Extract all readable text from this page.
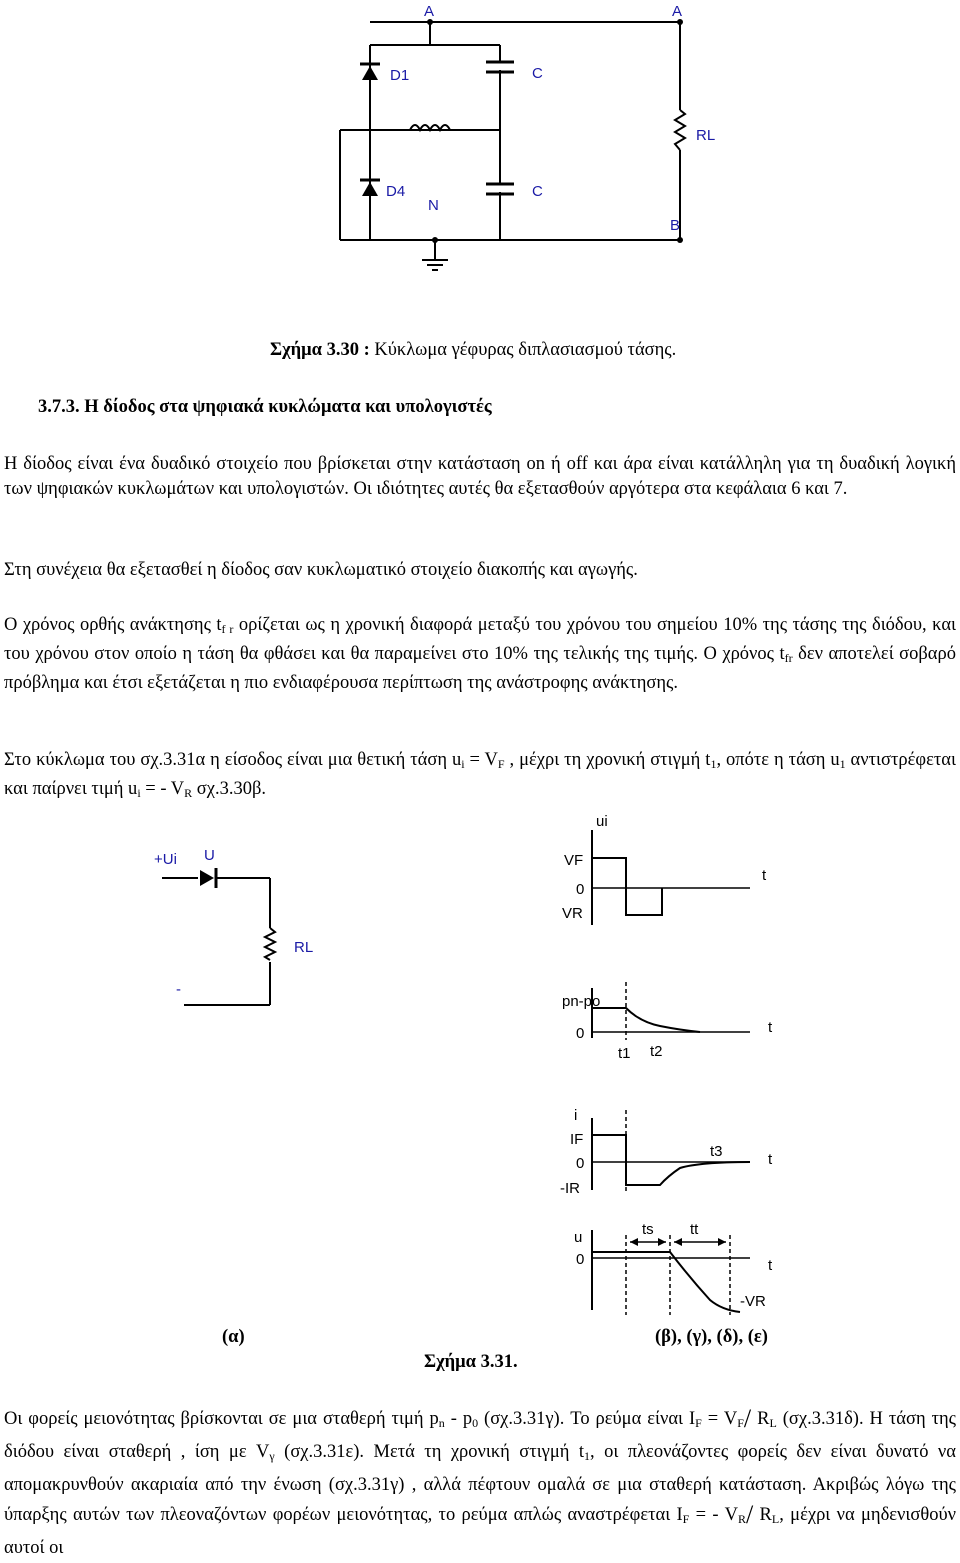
A	A
D1	C
D4	C
N
RL
B
Σχήμα 3.30 : Κύκλωμα γέφυρας διπλασιασμού τάσης.
3.7.3. Η δίοδος στα ψηφιακά κυκλώματα και υπολογιστές
Η δίοδος είναι ένα δυαδικό στοιχείο που βρίσκεται στην κατάσταση on ή off και άρα είναι κατάλληλη για τη δυαδική λογική των ψηφιακών κυκλωμάτων και υπολογιστών. Οι ιδιότητες αυτές θα εξετασθούν αργότερα στα κεφάλαια 6 και 7.
Στη συνέχεια θα εξετασθεί η δίοδος σαν κυκλωματικό στοιχείο διακοπής και αγωγής.
Ο χρόνος ορθής ανάκτησης $t_{f r}$ ορίζεται ως η χρονική διαφορά μεταξύ του χρόνου του σημείου 10% της τάσης της διόδου, και του χρόνου στον οποίο η τάση θα φθάσει και θα παραμείνει στο 10% της τελικής της τιμής. Ο χρόνος $t_{fr}$ δεν αποτελεί σοβαρό πρόβλημα και έτσι εξετάζεται η πιο ενδιαφέρουσα περίπτωση της ανάστροφης ανάκτησης.
Στο κύκλωμα του σχ.3.31α η είσοδος είναι μια θετική τάση $u_i = V_F$ , μέχρι τη χρονική στιγμή $t_1$, οπότε η τάση $u_1$ αντιστρέφεται και παίρνει τιμή $u_i$ = - $V_R$ σχ.3.30β.
+Ui U
RL
-
ui
VF
0
VR
t
pn-po
0	t
t1 t2
i
IF
0
-IR
t
t3
u
0	t
ts tt
-VR
(α)	(β), (γ), (δ), (ε)
Σχήμα 3.31.
Οι φορείς μειονότητας βρίσκονται σε μια σταθερή τιμή $p_n - p_0$ (σχ.3.31γ). Το ρεύμα είναι $I_F = V_F/$ $R_L$ (σχ.3.31δ). Η τάση της διόδου είναι σταθερή , ίση με $V_\gamma$ (σχ.3.31ε). Μετά τη χρονική στιγμή $t_1$, οι πλεονάζοντες φορείς δεν είναι δυνατό να απομακρυνθούν ακαριαία από την ένωση (σχ.3.31γ) , αλλά πέφτουν ομαλά σε μια σταθερή κατάσταση. Ακριβώς λόγω της ύπαρξης αυτών των πλεοναζόντων φορέων μειονότητας, το ρεύμα απλώς αναστρέφεται $I_F$ = - $V_R/$ $R_L$, μέχρι να μηδενισθούν αυτοί οι
